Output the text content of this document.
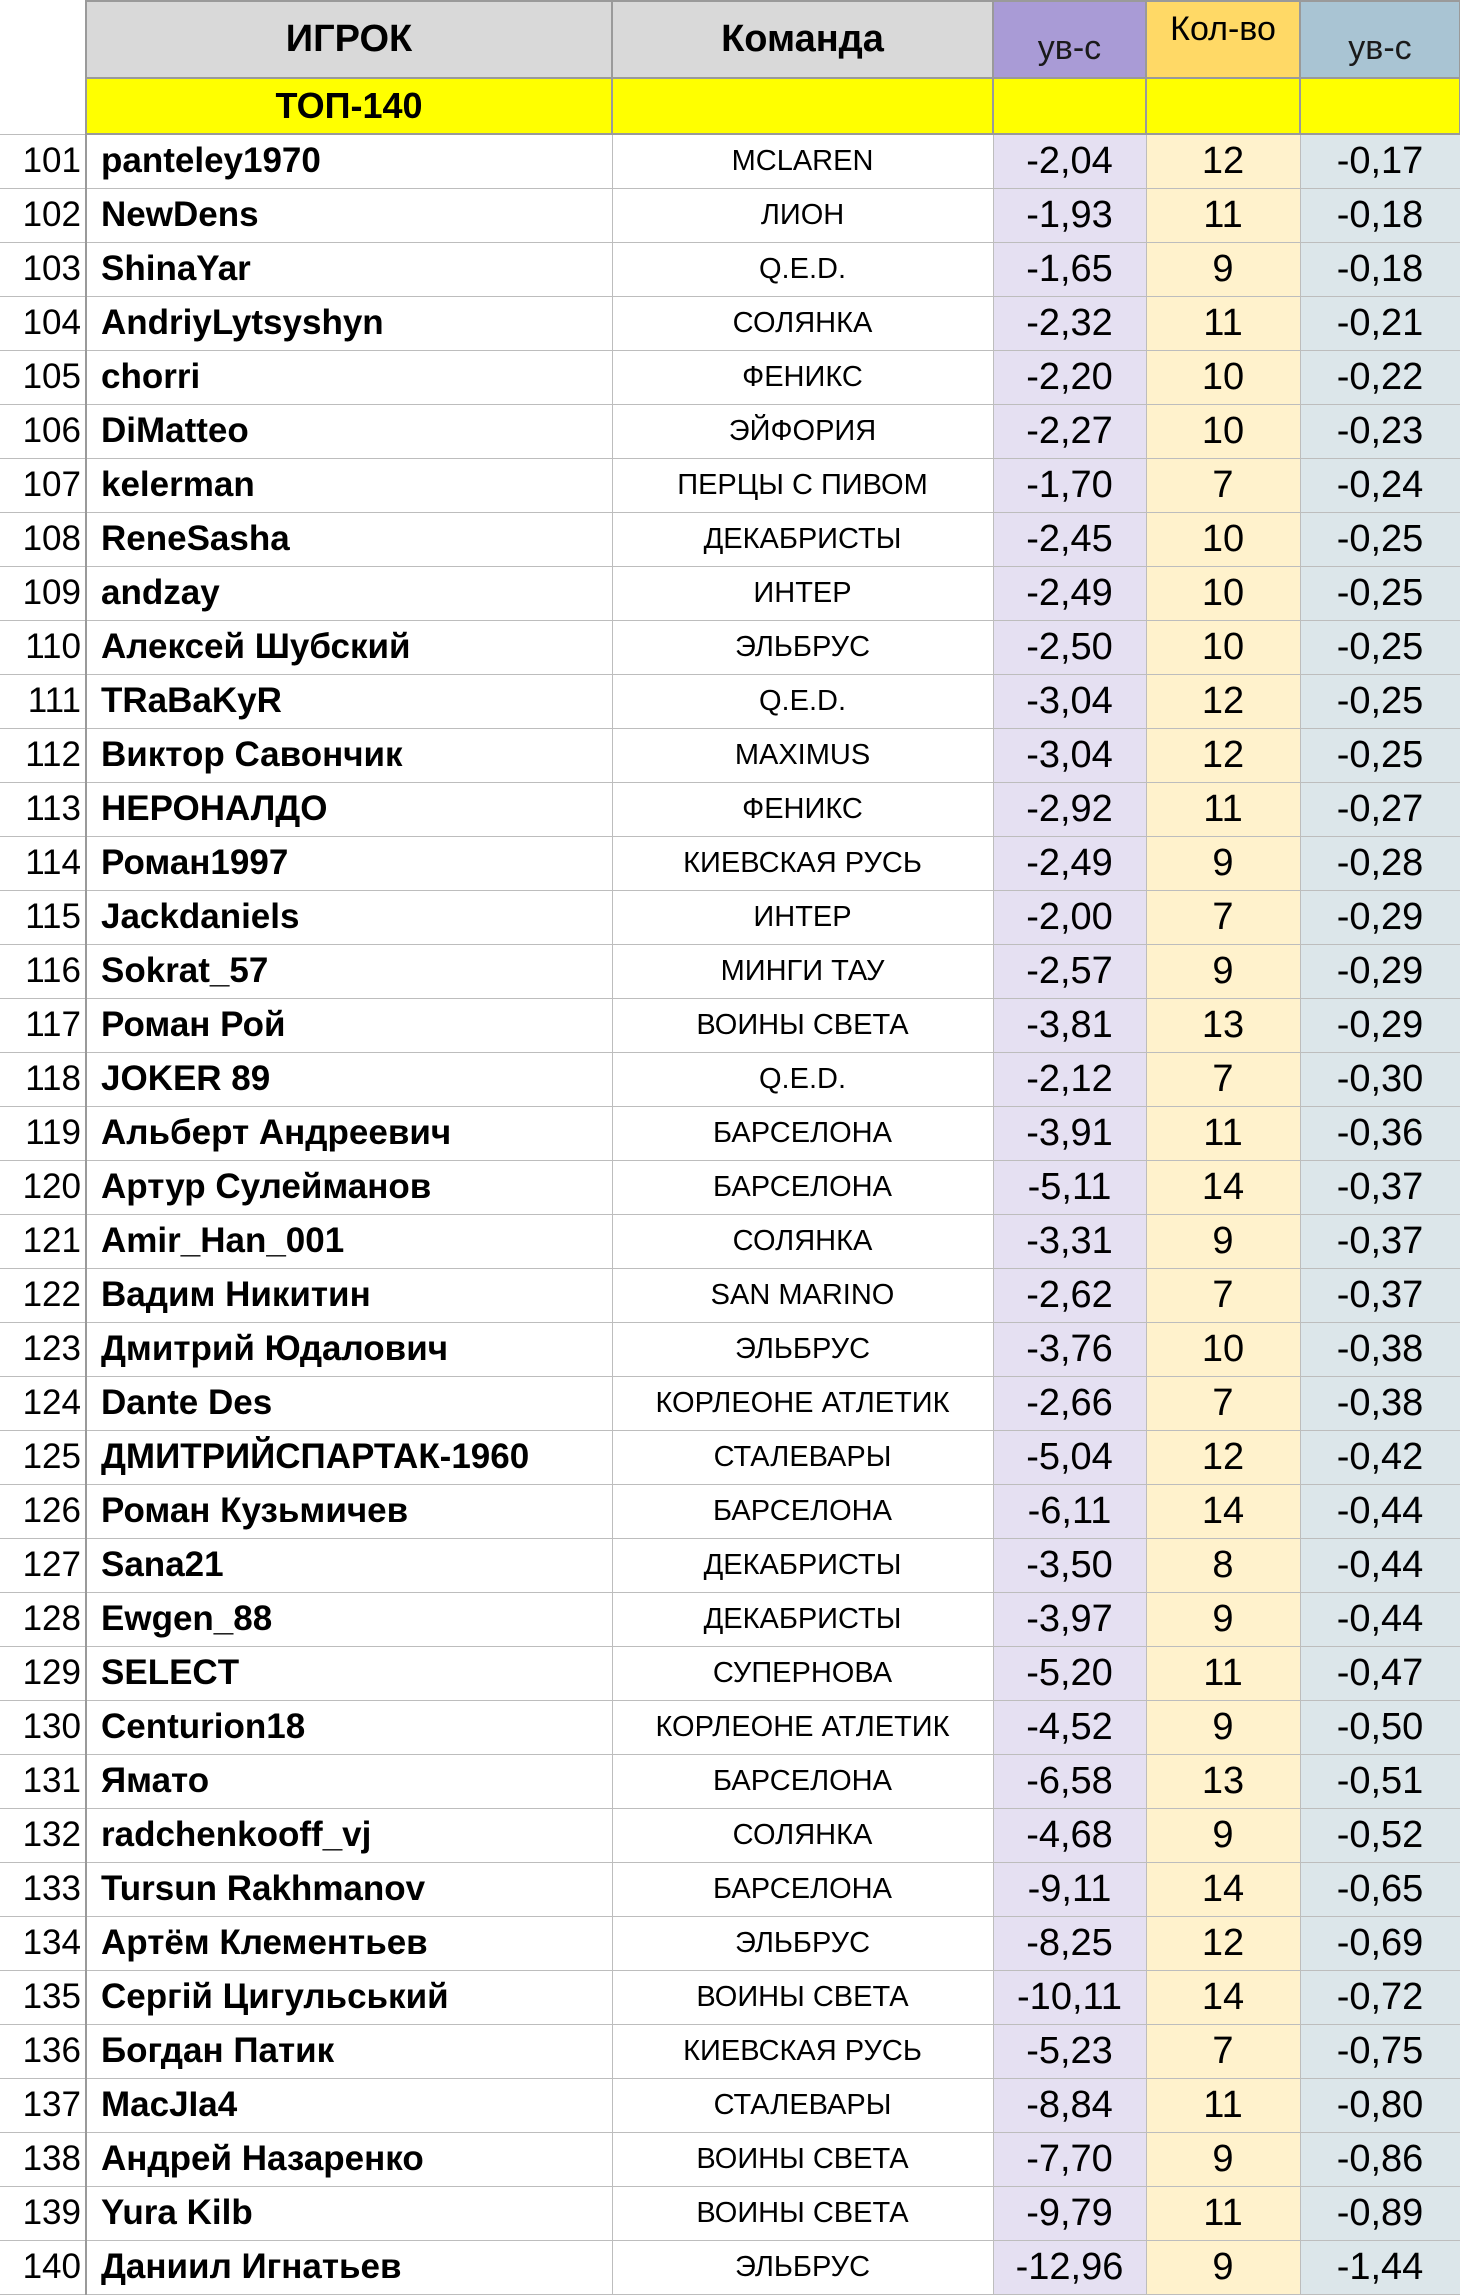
	ИГРОК	Команда	ув-с	Кол-во	ув-с
	ТОП-140				
101	panteley1970	MCLAREN	-2,04	12	-0,17
102	NewDens	ЛИОН	-1,93	11	-0,18
103	ShinaYar	Q.E.D.	-1,65	9	-0,18
104	AndriyLytsyshyn	СОЛЯНКА	-2,32	11	-0,21
105	chorri	ФЕНИКС	-2,20	10	-0,22
106	DiMatteo	ЭЙФОРИЯ	-2,27	10	-0,23
107	kelerman	ПЕРЦЫ С ПИВОМ	-1,70	7	-0,24
108	ReneSasha	ДЕКАБРИСТЫ	-2,45	10	-0,25
109	andzay	ИНТЕР	-2,49	10	-0,25
110	Алексей Шубский	ЭЛЬБРУС	-2,50	10	-0,25
111	TRaBaKyR	Q.E.D.	-3,04	12	-0,25
112	Виктор Савончик	MAXIMUS	-3,04	12	-0,25
113	НЕРОНАЛДО	ФЕНИКС	-2,92	11	-0,27
114	Роман1997	КИЕВСКАЯ РУСЬ	-2,49	9	-0,28
115	Jackdaniels	ИНТЕР	-2,00	7	-0,29
116	Sokrat_57	МИНГИ ТАУ	-2,57	9	-0,29
117	Роман Рой	ВОИНЫ СВЕТА	-3,81	13	-0,29
118	JOKER 89	Q.E.D.	-2,12	7	-0,30
119	Альберт Андреевич	БАРСЕЛОНА	-3,91	11	-0,36
120	Артур Сулейманов	БАРСЕЛОНА	-5,11	14	-0,37
121	Amir_Han_001	СОЛЯНКА	-3,31	9	-0,37
122	Вадим Никитин	SAN MARINO	-2,62	7	-0,37
123	Дмитрий Юдалович	ЭЛЬБРУС	-3,76	10	-0,38
124	Dante Des	КОРЛЕОНЕ АТЛЕТИК	-2,66	7	-0,38
125	ДМИТРИЙСПАРТАК-1960	СТАЛЕВАРЫ	-5,04	12	-0,42
126	Роман Кузьмичев	БАРСЕЛОНА	-6,11	14	-0,44
127	Sana21	ДЕКАБРИСТЫ	-3,50	8	-0,44
128	Ewgen_88	ДЕКАБРИСТЫ	-3,97	9	-0,44
129	SELECT	СУПЕРНОВА	-5,20	11	-0,47
130	Centurion18	КОРЛЕОНЕ АТЛЕТИК	-4,52	9	-0,50
131	Ямато	БАРСЕЛОНА	-6,58	13	-0,51
132	radchenkooff_vj	СОЛЯНКА	-4,68	9	-0,52
133	Tursun Rakhmanov	БАРСЕЛОНА	-9,11	14	-0,65
134	Артём Клементьев	ЭЛЬБРУС	-8,25	12	-0,69
135	Сергій Цигульський	ВОИНЫ СВЕТА	-10,11	14	-0,72
136	Богдан Патик	КИЕВСКАЯ РУСЬ	-5,23	7	-0,75
137	MacJIa4	СТАЛЕВАРЫ	-8,84	11	-0,80
138	Андрей Назаренко	ВОИНЫ СВЕТА	-7,70	9	-0,86
139	Yura Kilb	ВОИНЫ СВЕТА	-9,79	11	-0,89
140	Даниил Игнатьев	ЭЛЬБРУС	-12,96	9	-1,44
